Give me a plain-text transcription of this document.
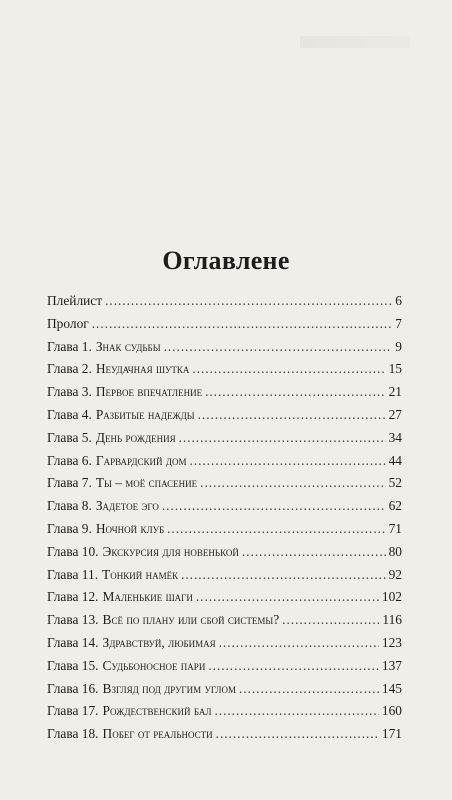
Оглавлене
Плейлист . . .	6
Пролог . . .	7
Глава 1. Знак судьбы . . .	9
Глава 2. Неудачная шутка . . .	15
Глава 3. Первое впечатление . . .	21
Глава 4. Разбитые надежды . . .	27
Глава 5. День рождения . . .	34
Глава 6. Гарвардский дом . . .	44
Глава 7. Ты – моё спасение . . .	52
Глава 8. Задетое эго . . .	62
Глава 9. Ночной клуб . . .	71
Глава 10. Экскурсия для новенькой . . .	80
Глава 11. Тонкий намёк . . .	92
Глава 12. Маленькие шаги . . .	102
Глава 13. Всё по плану или сбой системы? . . .	116
Глава 14. Здравствуй, любимая . . .	123
Глава 15. Судьбоносное пари . . .	137
Глава 16. Взгляд под другим углом . . .	145
Глава 17. Рождественский бал . . .	160
Глава 18. Побег от реальности . . .	171
